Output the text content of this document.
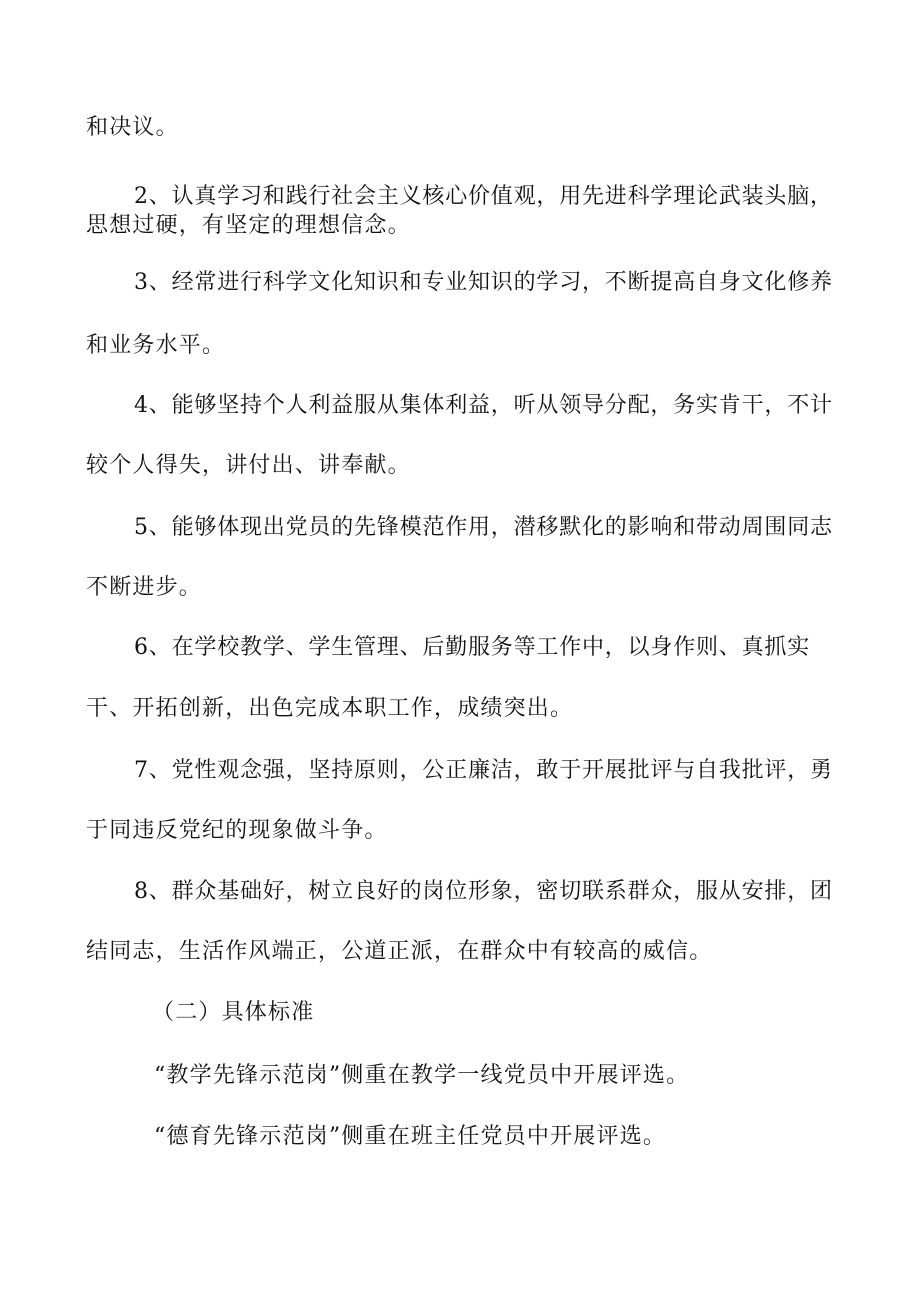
和决议。
2、认真学习和践行社会主义核心价值观，用先进科学理论武装头脑，
思想过硬，有坚定的理想信念。
3、经常进行科学文化知识和专业知识的学习，不断提高自身文化修养
和业务水平。
4、能够坚持个人利益服从集体利益，听从领导分配，务实肯干，不计
较个人得失，讲付出、讲奉献。
5、能够体现出党员的先锋模范作用，潜移默化的影响和带动周围同志
不断进步。
6、在学校教学、学生管理、后勤服务等工作中，以身作则、真抓实
干、开拓创新，出色完成本职工作，成绩突出。
7、党性观念强，坚持原则，公正廉洁，敢于开展批评与自我批评，勇
于同违反党纪的现象做斗争。
8、群众基础好，树立良好的岗位形象，密切联系群众，服从安排，团
结同志，生活作风端正，公道正派，在群众中有较高的威信。
（二）具体标准
“教学先锋示范岗”侧重在教学一线党员中开展评选。
“德育先锋示范岗”侧重在班主任党员中开展评选。
